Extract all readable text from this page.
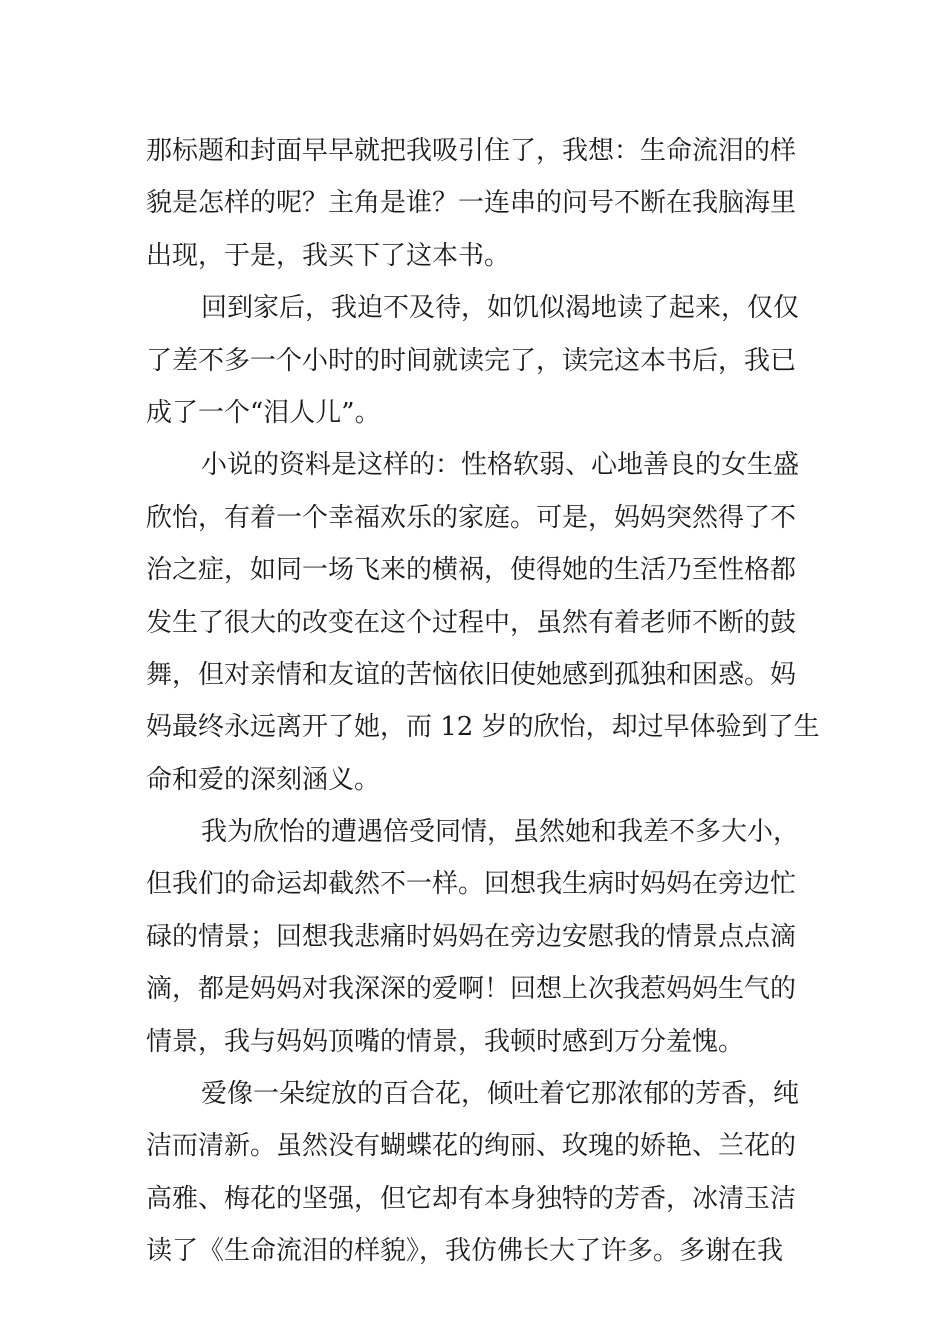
那标题和封面早早就把我吸引住了，我想：生命流泪的样
貌是怎样的呢？主角是谁？一连串的问号不断在我脑海里
出现，于是，我买下了这本书。
回到家后，我迫不及待，如饥似渴地读了起来，仅仅
了差不多一个小时的时间就读完了，读完这本书后，我已
成了一个“泪人儿”。
小说的资料是这样的：性格软弱、心地善良的女生盛
欣怡，有着一个幸福欢乐的家庭。可是，妈妈突然得了不
治之症，如同一场飞来的横祸，使得她的生活乃至性格都
发生了很大的改变在这个过程中，虽然有着老师不断的鼓
舞，但对亲情和友谊的苦恼依旧使她感到孤独和困惑。妈
妈最终永远离开了她，而 12 岁的欣怡，却过早体验到了生
命和爱的深刻涵义。
我为欣怡的遭遇倍受同情，虽然她和我差不多大小，
但我们的命运却截然不一样。回想我生病时妈妈在旁边忙
碌的情景；回想我悲痛时妈妈在旁边安慰我的情景点点滴
滴，都是妈妈对我深深的爱啊！回想上次我惹妈妈生气的
情景，我与妈妈顶嘴的情景，我顿时感到万分羞愧。
爱像一朵绽放的百合花，倾吐着它那浓郁的芳香，纯
洁而清新。虽然没有蝴蝶花的绚丽、玫瑰的娇艳、兰花的
高雅、梅花的坚强，但它却有本身独特的芳香，冰清玉洁
读了《生命流泪的样貌》，我仿佛长大了许多。多谢在我
